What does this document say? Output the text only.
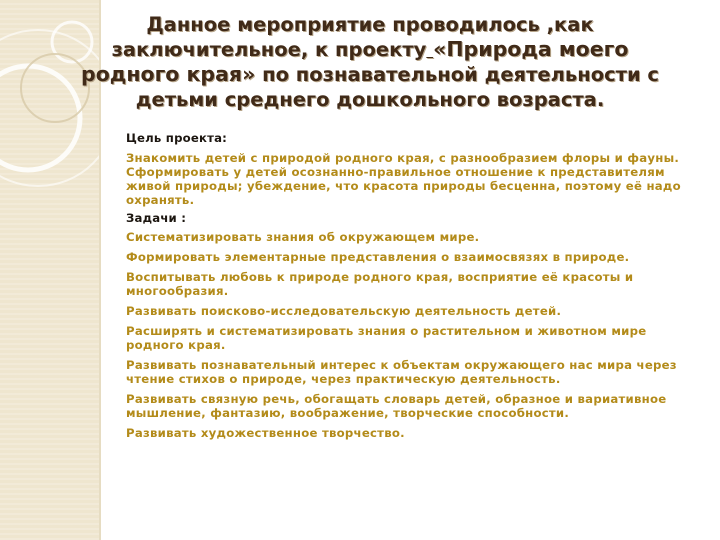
Данное мероприятие проводилось ,как заключительное, к проекту «Природа моего родного края» по познавательной деятельности с детьми среднего дошкольного возраста.

Цель проекта:

Знакомить детей с природой родного края, с разнообразием флоры и фауны. Сформировать у детей осознанно-правильное отношение к представителям живой природы; убеждение, что красота природы бесценна, поэтому её надо охранять.

Задачи :

Систематизировать знания об окружающем мире.

Формировать элементарные представления о взаимосвязях в природе.

Воспитывать любовь к природе родного края, восприятие её красоты и многообразия.

Развивать поисково-исследовательскую деятельность детей.

Расширять и систематизировать знания о растительном и животном мире родного края.

Развивать познавательный интерес к объектам окружающего нас мира через чтение стихов о природе, через практическую деятельность.

Развивать связную речь, обогащать словарь детей, образное и вариативное мышление, фантазию, воображение, творческие способности.

Развивать художественное творчество.
